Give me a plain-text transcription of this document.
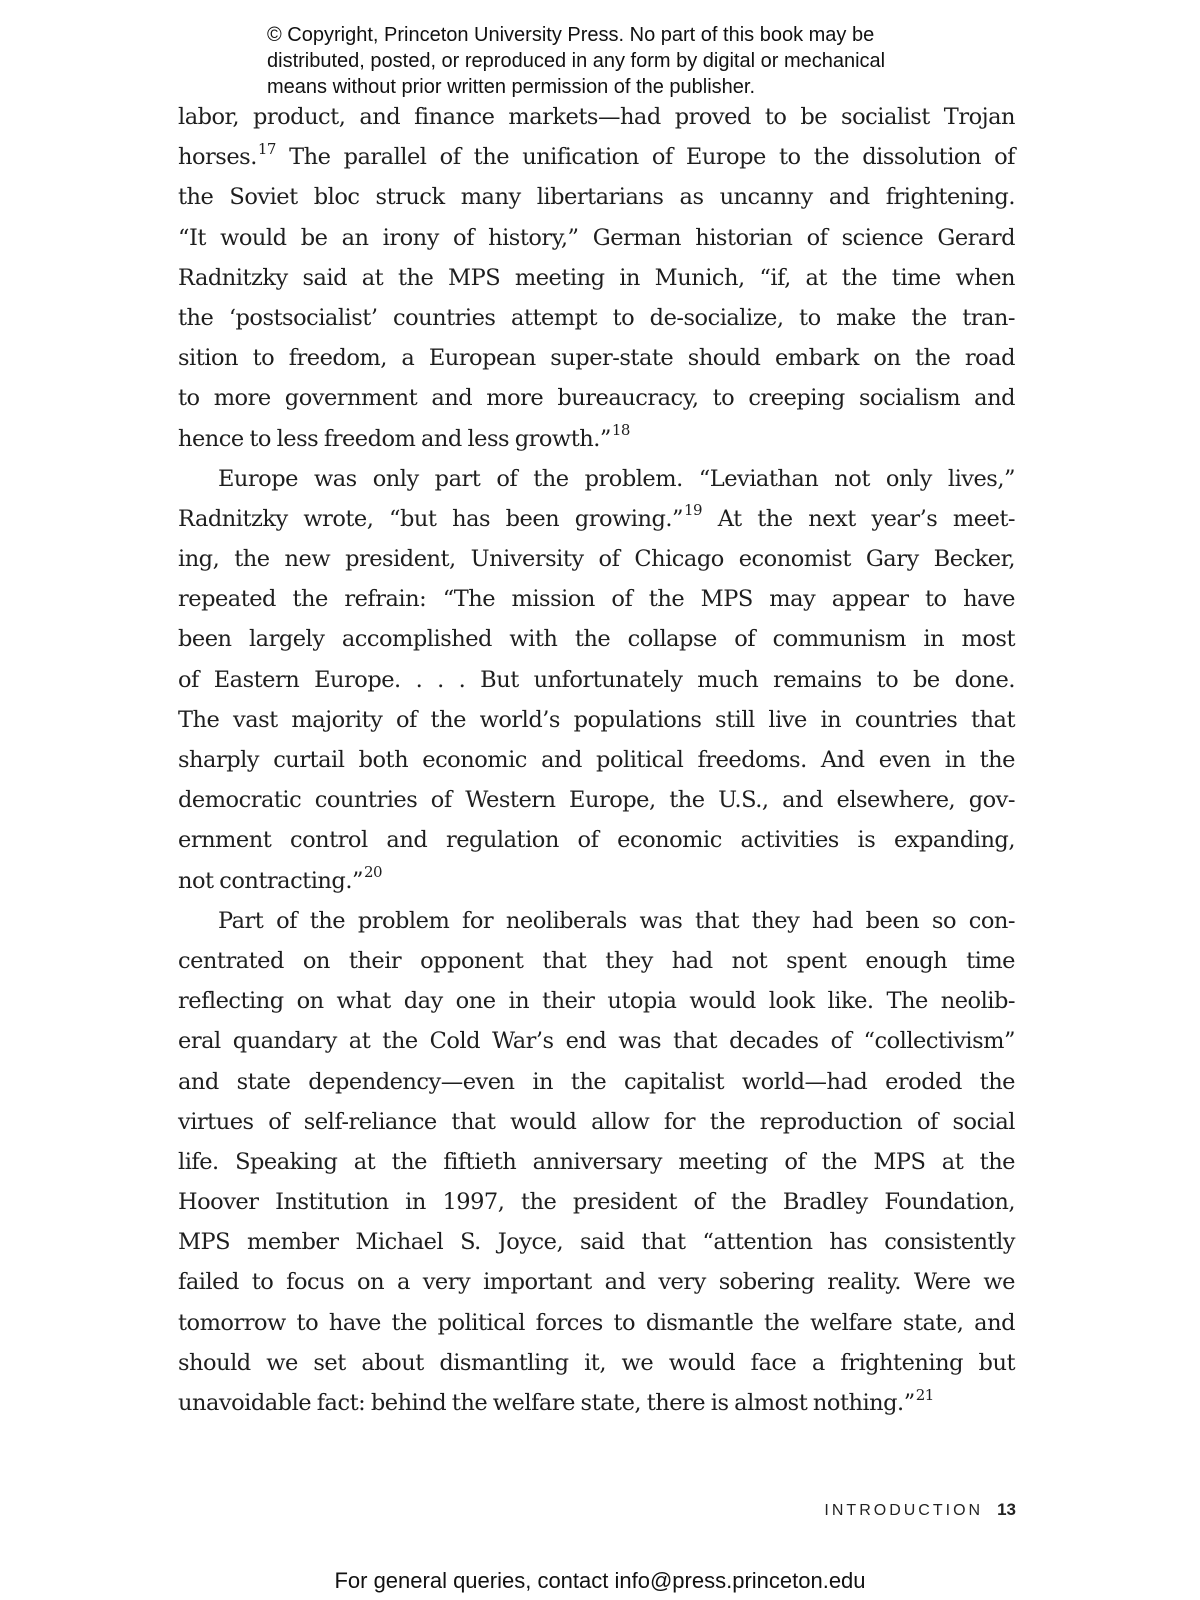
© Copyright, Princeton University Press. No part of this book may be
distributed, posted, or reproduced in any form by digital or mechanical
means without prior written permission of the publisher.
labor, product, and finance markets—had proved to be socialist Trojan
horses.$^{17}$ The parallel of the unification of Europe to the dissolution of
the Soviet bloc struck many libertarians as uncanny and frightening.
“It would be an irony of history,” German historian of science Gerard
Radnitzky said at the MPS meeting in Munich, “if, at the time when
the ‘postsocialist’ countries attempt to de-socialize, to make the tran-
sition to freedom, a European super-state should embark on the road
to more government and more bureaucracy, to creeping socialism and
hence to less freedom and less growth.”$^{18}$
Europe was only part of the problem. “Leviathan not only lives,”
Radnitzky wrote, “but has been growing.”$^{19}$ At the next year’s meet-
ing, the new president, University of Chicago economist Gary Becker,
repeated the refrain: “The mission of the MPS may appear to have
been largely accomplished with the collapse of communism in most
of Eastern Europe. . . . But unfortunately much remains to be done.
The vast majority of the world’s populations still live in countries that
sharply curtail both economic and political freedoms. And even in the
democratic countries of Western Europe, the U.S., and elsewhere, gov-
ernment control and regulation of economic activities is expanding,
not contracting.”$^{20}$
Part of the problem for neoliberals was that they had been so con-
centrated on their opponent that they had not spent enough time
reflecting on what day one in their utopia would look like. The neolib-
eral quandary at the Cold War’s end was that decades of “collectivism”
and state dependency—even in the capitalist world—had eroded the
virtues of self-reliance that would allow for the reproduction of social
life. Speaking at the fiftieth anniversary meeting of the MPS at the
Hoover Institution in 1997, the president of the Bradley Foundation,
MPS member Michael S. Joyce, said that “attention has consistently
failed to focus on a very important and very sobering reality. Were we
tomorrow to have the political forces to dismantle the welfare state, and
should we set about dismantling it, we would face a frightening but
unavoidable fact: behind the welfare state, there is almost nothing.”$^{21}$
INTRODUCTION 13
For general queries, contact info@press.princeton.edu
